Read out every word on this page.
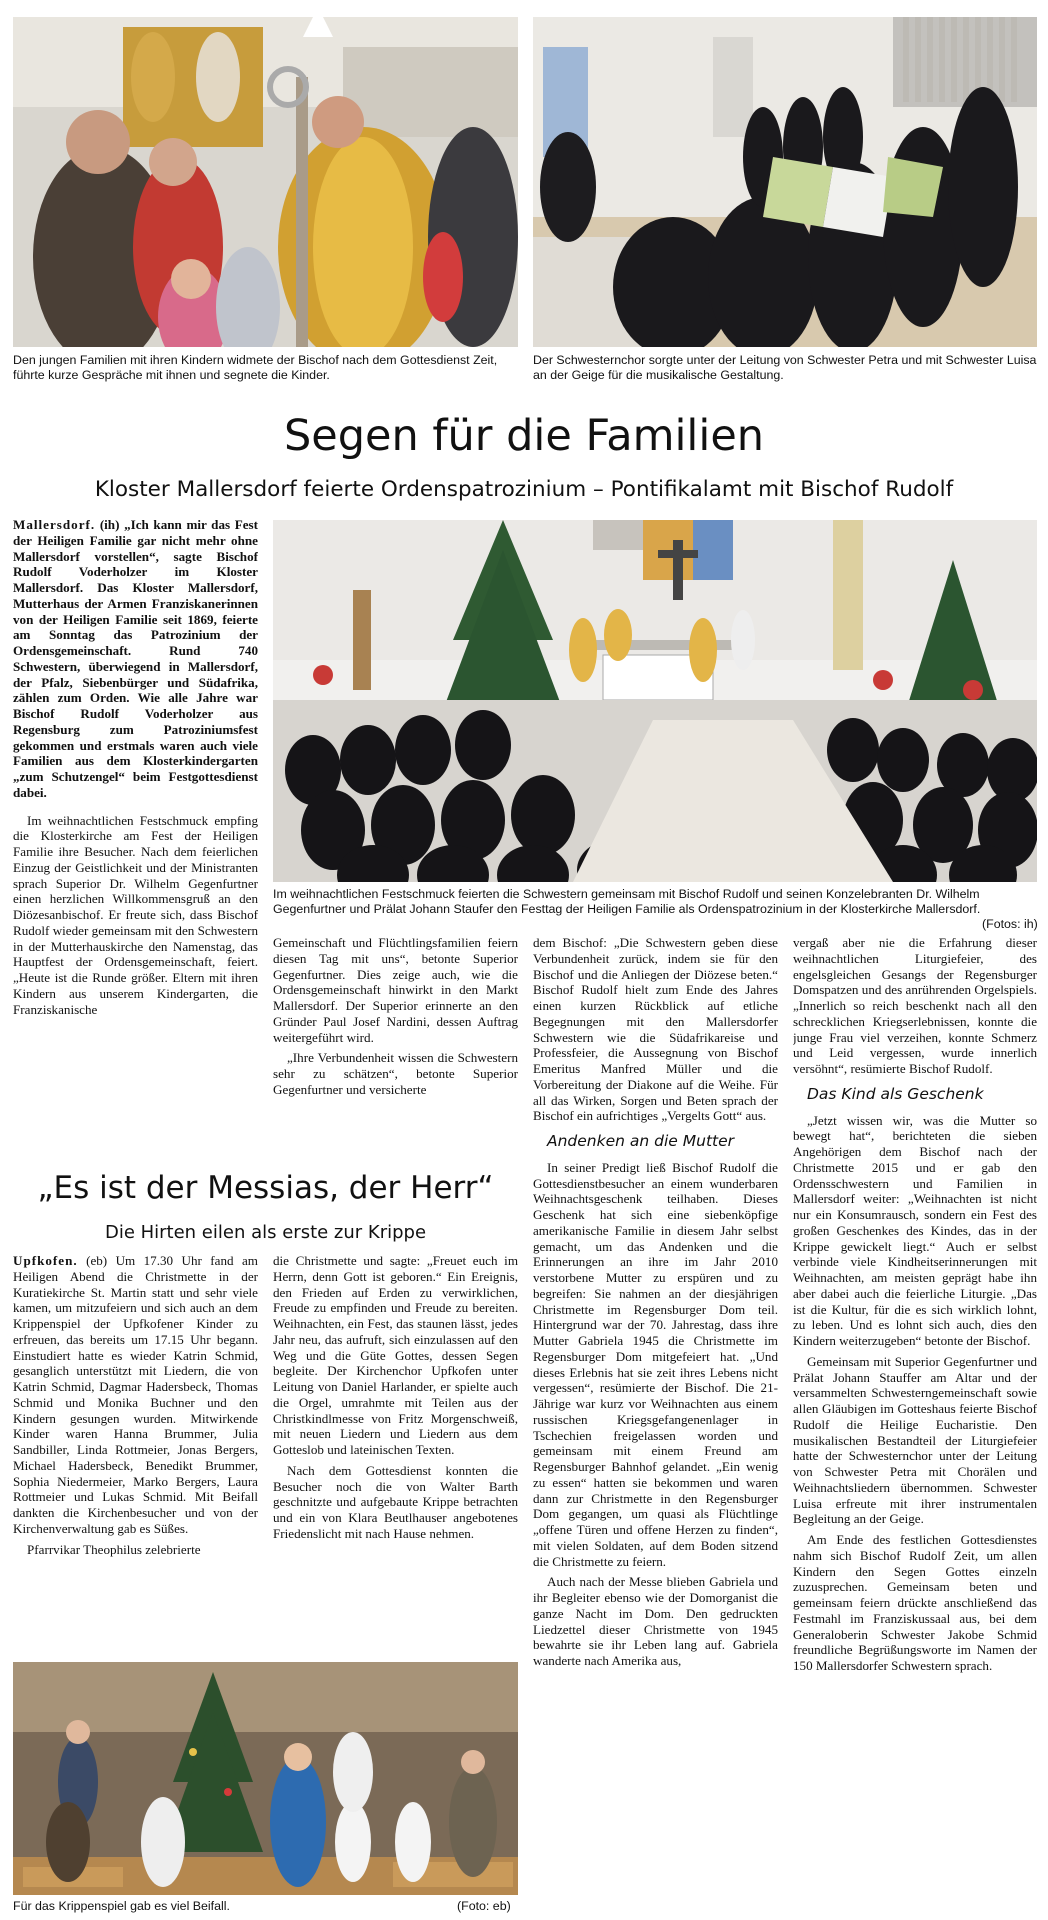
Den jungen Familien mit ihren Kindern widmete der Bischof nach dem Gottesdienst Zeit, führte kurze Gespräche mit ihnen und segnete die Kinder.
Der Schwesternchor sorgte unter der Leitung von Schwester Petra und mit Schwester Luisa an der Geige für die musikalische Gestaltung.
Segen für die Familien
Kloster Mallersdorf feierte Ordenspatrozinium – Pontifikalamt mit Bischof Rudolf

Mallersdorf. (ih) „Ich kann mir das Fest der Heiligen Familie gar nicht mehr ohne Mallersdorf vorstellen“, sagte Bischof Rudolf Voderholzer im Kloster Mallersdorf. Das Kloster Mallersdorf, Mutterhaus der Armen Franziskanerinnen von der Heiligen Familie seit 1869, feierte am Sonntag das Patrozinium der Ordensgemeinschaft. Rund 740 Schwestern, überwiegend in Mallersdorf, der Pfalz, Siebenbürger und Südafrika, zählen zum Orden. Wie alle Jahre war Bischof Rudolf Voderholzer aus Regensburg zum Patroziniumsfest gekommen und erstmals waren auch viele Familien aus dem Klosterkindergarten „zum Schutzengel“ beim Festgottesdienst dabei.

Im weihnachtlichen Festschmuck empfing die Klosterkirche am Fest der Heiligen Familie ihre Besucher. Nach dem feierlichen Einzug der Geistlichkeit und der Ministranten sprach Superior Dr. Wilhelm Gegenfurtner einen herzlichen Willkommensgruß an den Diözesanbischof. Er freute sich, dass Bischof Rudolf wieder gemeinsam mit den Schwestern in der Mutterhauskirche den Namenstag, das Hauptfest der Ordensgemeinschaft, feiert. „Heute ist die Runde größer. Eltern mit ihren Kindern aus unserem Kindergarten, die Franziskanische

Im weihnachtlichen Festschmuck feierten die Schwestern gemeinsam mit Bischof Rudolf und seinen Konzelebranten Dr. Wilhelm Gegenfurtner und Prälat Johann Staufer den Festtag der Heiligen Familie als Ordenspatrozinium in der Klosterkirche Mallersdorf.
(Fotos: ih)

Gemeinschaft und Flüchtlingsfamilien feiern diesen Tag mit uns“, betonte Superior Gegenfurtner. Dies zeige auch, wie die Ordensgemeinschaft hinwirkt in den Markt Mallersdorf. Der Superior erinnerte an den Gründer Paul Josef Nardini, dessen Auftrag weitergeführt wird.

„Ihre Verbundenheit wissen die Schwestern sehr zu schätzen“, betonte Superior Gegenfurtner und versicherte

dem Bischof: „Die Schwestern geben diese Verbundenheit zurück, indem sie für den Bischof und die Anliegen der Diözese beten.“ Bischof Rudolf hielt zum Ende des Jahres einen kurzen Rückblick auf etliche Begegnungen mit den Mallersdorfer Schwestern wie die Südafrikareise und Professfeier, die Aussegnung von Bischof Emeritus Manfred Müller und die Vorbereitung der Diakone auf die Weihe. Für all das Wirken, Sorgen und Beten sprach der Bischof ein aufrichtiges „Vergelts Gott“ aus.

Andenken an die Mutter

In seiner Predigt ließ Bischof Rudolf die Gottesdienstbesucher an einem wunderbaren Weihnachtsgeschenk teilhaben. Dieses Geschenk hat sich eine siebenköpfige amerikanische Familie in diesem Jahr selbst gemacht, um das Andenken und die Erinnerungen an ihre im Jahr 2010 verstorbene Mutter zu erspüren und zu begreifen: Sie nahmen an der diesjährigen Christmette im Regensburger Dom teil. Hintergrund war der 70. Jahrestag, dass ihre Mutter Gabriela 1945 die Christmette im Regensburger Dom mitgefeiert hat. „Und dieses Erlebnis hat sie zeit ihres Lebens nicht vergessen“, resümierte der Bischof. Die 21-Jährige war kurz vor Weihnachten aus einem russischen Kriegsgefangenenlager in Tschechien freigelassen worden und gemeinsam mit einem Freund am Regensburger Bahnhof gelandet. „Ein wenig zu essen“ hatten sie bekommen und waren dann zur Christmette in den Regensburger Dom gegangen, um quasi als Flüchtlinge „offene Türen und offene Herzen zu finden“, mit vielen Soldaten, auf dem Boden sitzend die Christmette zu feiern.

Auch nach der Messe blieben Gabriela und ihr Begleiter ebenso wie der Domorganist die ganze Nacht im Dom. Den gedruckten Liedzettel dieser Christmette von 1945 bewahrte sie ihr Leben lang auf. Gabriela wanderte nach Amerika aus,

vergaß aber nie die Erfahrung dieser weihnachtlichen Liturgiefeier, des engelsgleichen Gesangs der Regensburger Domspatzen und des anrührenden Orgelspiels. „Innerlich so reich beschenkt nach all den schrecklichen Kriegserlebnissen, konnte die junge Frau viel verzeihen, konnte Schmerz und Leid vergessen, wurde innerlich versöhnt“, resümierte Bischof Rudolf.

Das Kind als Geschenk

„Jetzt wissen wir, was die Mutter so bewegt hat“, berichteten die sieben Angehörigen dem Bischof nach der Christmette 2015 und er gab den Ordensschwestern und Familien in Mallersdorf weiter: „Weihnachten ist nicht nur ein Konsumrausch, sondern ein Fest des großen Geschenkes des Kindes, das in der Krippe gewickelt liegt.“ Auch er selbst verbinde viele Kindheitserinnerungen mit Weihnachten, am meisten geprägt habe ihn aber dabei auch die feierliche Liturgie. „Das ist die Kultur, für die es sich wirklich lohnt, zu leben. Und es lohnt sich auch, dies den Kindern weiterzugeben“ betonte der Bischof.

Gemeinsam mit Superior Gegenfurtner und Prälat Johann Stauffer am Altar und der versammelten Schwesterngemeinschaft sowie allen Gläubigen im Gotteshaus feierte Bischof Rudolf die Heilige Eucharistie. Den musikalischen Bestandteil der Liturgiefeier hatte der Schwesternchor unter der Leitung von Schwester Petra mit Chorälen und Weihnachtsliedern übernommen. Schwester Luisa erfreute mit ihrer instrumentalen Begleitung an der Geige.

Am Ende des festlichen Gottesdienstes nahm sich Bischof Rudolf Zeit, um allen Kindern den Segen Gottes einzeln zuzusprechen. Gemeinsam beten und gemeinsam feiern drückte anschließend das Festmahl im Franziskussaal aus, bei dem Generaloberin Schwester Jakobe Schmid freundliche Begrüßungsworte im Namen der 150 Mallersdorfer Schwestern sprach.

„Es ist der Messias, der Herr“
Die Hirten eilen als erste zur Krippe

Upfkofen. (eb) Um 17.30 Uhr fand am Heiligen Abend die Christmette in der Kuratiekirche St. Martin statt und sehr viele kamen, um mitzufeiern und sich auch an dem Krippenspiel der Upfkofener Kinder zu erfreuen, das bereits um 17.15 Uhr begann. Einstudiert hatte es wieder Katrin Schmid, gesanglich unterstützt mit Liedern, die von Katrin Schmid, Dagmar Hadersbeck, Thomas Schmid und Monika Buchner und den Kindern gesungen wurden. Mitwirkende Kinder waren Hanna Brummer, Julia Sandbiller, Linda Rottmeier, Jonas Bergers, Michael Hadersbeck, Benedikt Brummer, Sophia Niedermeier, Marko Bergers, Laura Rottmeier und Lukas Schmid. Mit Beifall dankten die Kirchenbesucher und von der Kirchenverwaltung gab es Süßes.

Pfarrvikar Theophilus zelebrierte

die Christmette und sagte: „Freuet euch im Herrn, denn Gott ist geboren.“ Ein Ereignis, den Frieden auf Erden zu verwirklichen, Freude zu empfinden und Freude zu bereiten. Weihnachten, ein Fest, das staunen lässt, jedes Jahr neu, das aufruft, sich einzulassen auf den Weg und die Güte Gottes, dessen Segen begleite. Der Kirchenchor Upfkofen unter Leitung von Daniel Harlander, er spielte auch die Orgel, umrahmte mit Teilen aus der Christkindlmesse von Fritz Morgenschweiß, mit neuen Liedern und Liedern aus dem Gotteslob und lateinischen Texten.

Nach dem Gottesdienst konnten die Besucher noch die von Walter Barth geschnitzte und aufgebaute Krippe betrachten und ein von Klara Beutlhauser angebotenes Friedenslicht mit nach Hause nehmen.

Für das Krippenspiel gab es viel Beifall.	(Foto: eb)
